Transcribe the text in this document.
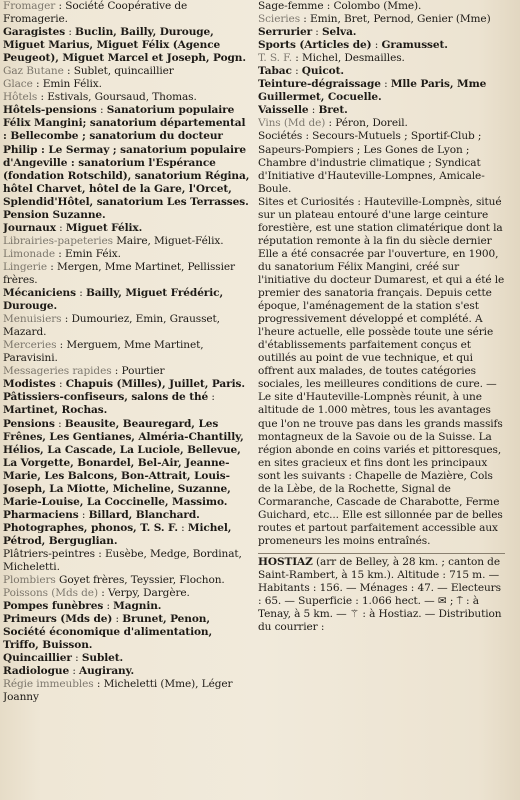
Fromager : Société Coopérative de Fromagerie.

Garagistes : Buclin, Bailly, Durouge, Miguet Marius, Miguet Félix (Agence Peugeot), Miguet Marcel et Joseph, Pogn.

Gaz Butane : Sublet, quincaillier

Glace : Emin Félix.

Hôtels : Estivals, Goursaud, Thomas.

Hôtels-pensions : Sanatorium populaire Félix Mangini; sanatorium départemental : Bellecombe ; sanatorium du docteur Philip : Le Sermay ; sanatorium populaire d'Angeville : sanatorium l'Espérance (fondation Rotschild), sanatorium Régina, hôtel Charvet, hôtel de la Gare, l'Orcet, Splendid'Hôtel, sanatorium Les Terrasses. Pension Suzanne.

Journaux : Miguet Félix.

Librairies-papeteries Maire, Miguet-Félix.

Limonade : Emin Féix.

Lingerie : Mergen, Mme Martinet, Pellissier frères.

Mécaniciens : Bailly, Miguet Frédéric, Durouge.

Menuisiers : Dumouriez, Emin, Grausset, Mazard.

Merceries : Merguem, Mme Martinet, Paravisini.

Messageries rapides : Pourtier

Modistes : Chapuis (Milles), Juillet, Paris.

Pâtissiers-confiseurs, salons de thé : Martinet, Rochas.

Pensions : Beausite, Beauregard, Les Frênes, Les Gentianes, Alméria-Chantilly, Hélios, La Cascade, La Luciole, Bellevue, La Vorgette, Bonardel, Bel-Air, Jeanne-Marie, Les Balcons, Bon-Attrait, Louis-Joseph, La Miotte, Micheline, Suzanne, Marie-Louise, La Coccinelle, Massimo.

Pharmaciens : Billard, Blanchard.

Photographes, phonos, T. S. F. : Michel, Pétrod, Berguglian.

Plâtriers-peintres : Eusèbe, Medge, Bordinat, Micheletti.

Plombiers Goyet frères, Teyssier, Flochon.

Poissons (Mds de) : Verpy, Dargère.

Pompes funèbres : Magnin.

Primeurs (Mds de) : Brunet, Penon, Société économique d'alimentation, Triffo, Buisson.

Quincaillier : Sublet.

Radiologue : Augirany.

Régie immeubles : Micheletti (Mme), Léger Joanny

Sage-femme : Colombo (Mme).

Scieries : Emin, Bret, Pernod, Genier (Mme)

Serrurier : Selva.

Sports (Articles de) : Gramusset.

T. S. F. : Michel, Desmailles.

Tabac : Quicot.

Teinture-dégraissage : Mlle Paris, Mme Guillermet, Cocuelle.

Vaisselle : Bret.

Vins (Md de) : Péron, Doreil.

Sociétés : Secours-Mutuels ; Sportif-Club ; Sapeurs-Pompiers ; Les Gones de Lyon ; Chambre d'industrie climatique ; Syndicat d'Initiative d'Hauteville-Lompnes, Amicale-Boule.

Sites et Curiosités : Hauteville-Lompnès, situé sur un plateau entouré d'une large ceinture forestière, est une station climatérique dont la réputation remonte à la fin du siècle dernier Elle a été consacrée par l'ouverture, en 1900, du sanatorium Félix Mangini, créé sur l'initiative du docteur Dumarest, et qui a été le premier des sanatoria français. Depuis cette époque, l'aménagement de la station s'est progressivement développé et complété. A l'heure actuelle, elle possède toute une série d'établissements parfaitement conçus et outillés au point de vue technique, et qui offrent aux malades, de toutes catégories sociales, les meilleures conditions de cure. — Le site d'Hauteville-Lompnès réunit, à une altitude de 1.000 mètres, tous les avantages que l'on ne trouve pas dans les grands massifs montagneux de la Savoie ou de la Suisse. La région abonde en coins variés et pittoresques, en sites gracieux et fins dont les principaux sont les suivants : Chapelle de Mazière, Cols de la Lèbe, de la Rochette, Signal de Cormaranche, Cascade de Charabotte, Ferme Guichard, etc... Elle est sillonnée par de belles routes et partout parfaitement accessible aux promeneurs les moins entraînés.

HOSTIAZ (arr de Belley, à 28 km. ; canton de Saint-Rambert, à 15 km.). Altitude : 715 m. — Habitants : 156. — Ménages : 47. — Electeurs : 65. — Superficie : 1.066 hect. — ✉ ; ⍑ : à Tenay, à 5 km. — ⚚ : à Hostiaz. — Distribution du courrier :
